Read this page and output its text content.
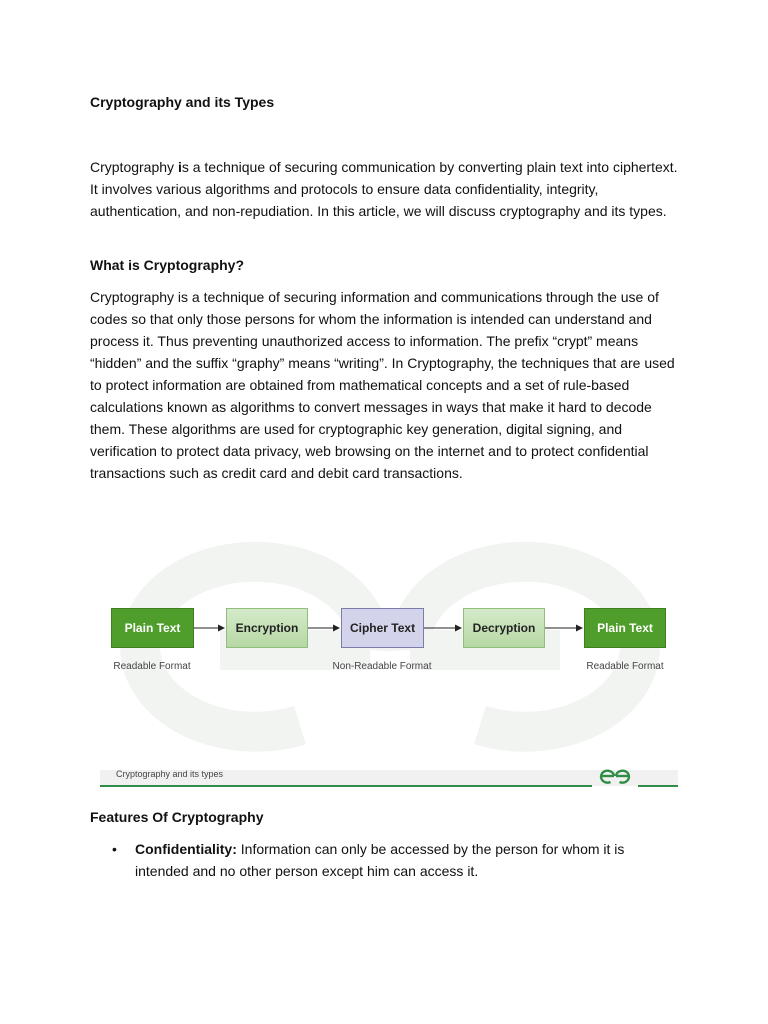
Cryptography and its Types

Cryptography is a technique of securing communication by converting plain text into ciphertext. It involves various algorithms and protocols to ensure data confidentiality, integrity, authentication, and non-repudiation. In this article, we will discuss cryptography and its types.

What is Cryptography?

Cryptography is a technique of securing information and communications through the use of codes so that only those persons for whom the information is intended can understand and process it. Thus preventing unauthorized access to information. The prefix “crypt” means “hidden” and the suffix “graphy” means “writing”. In Cryptography, the techniques that are used to protect information are obtained from mathematical concepts and a set of rule-based calculations known as algorithms to convert messages in ways that make it hard to decode them. These algorithms are used for cryptographic key generation, digital signing, and verification to protect data privacy, web browsing on the internet and to protect confidential transactions such as credit card and debit card transactions.

Plain Text	Encryption	Cipher Text	Decryption	Plain Text
Readable Format	Non-Readable Format	Readable Format
Cryptography and its types
Features Of Cryptography
• Confidentiality: Information can only be accessed by the person for whom it is intended and no other person except him can access it.
